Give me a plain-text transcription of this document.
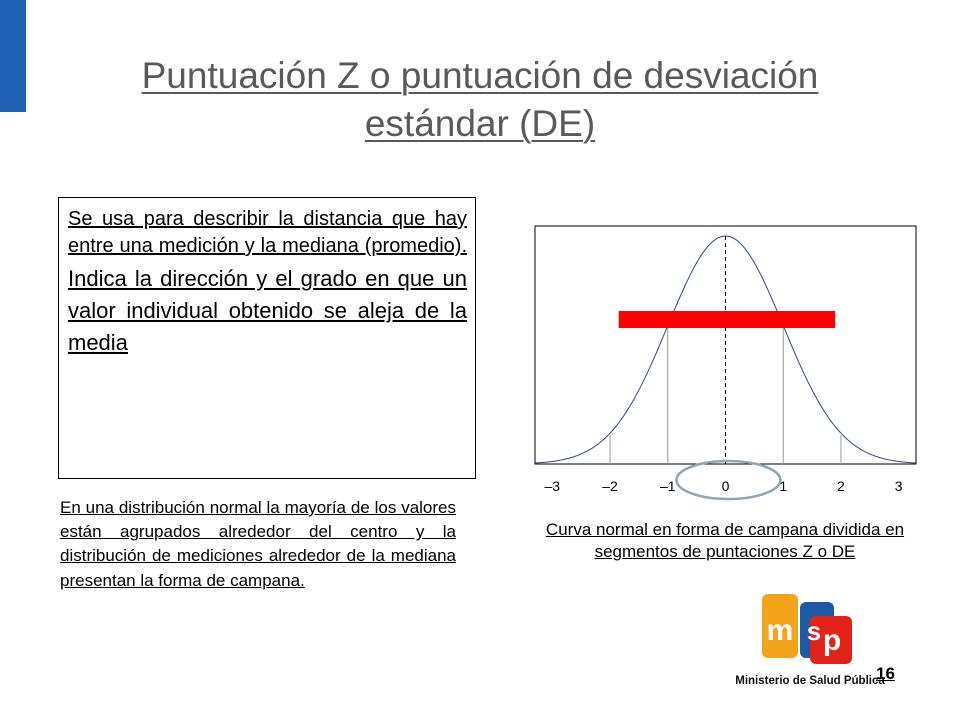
Puntuación Z o puntuación de desviación estándar (DE)
Se usa para describir la distancia que hay entre una medición y la mediana (promedio).
Indica la dirección y el grado en que un valor individual obtenido se aleja de la media
En una distribución normal la mayoría de los valores están agrupados alrededor del centro y la distribución de mediciones alrededor de la mediana presentan la forma de campana.
–3	–2	–1	0	1	2	3
Curva normal en forma de campana dividida en segmentos de puntaciones Z o DE
m s p
Ministerio de Salud Pública
16
